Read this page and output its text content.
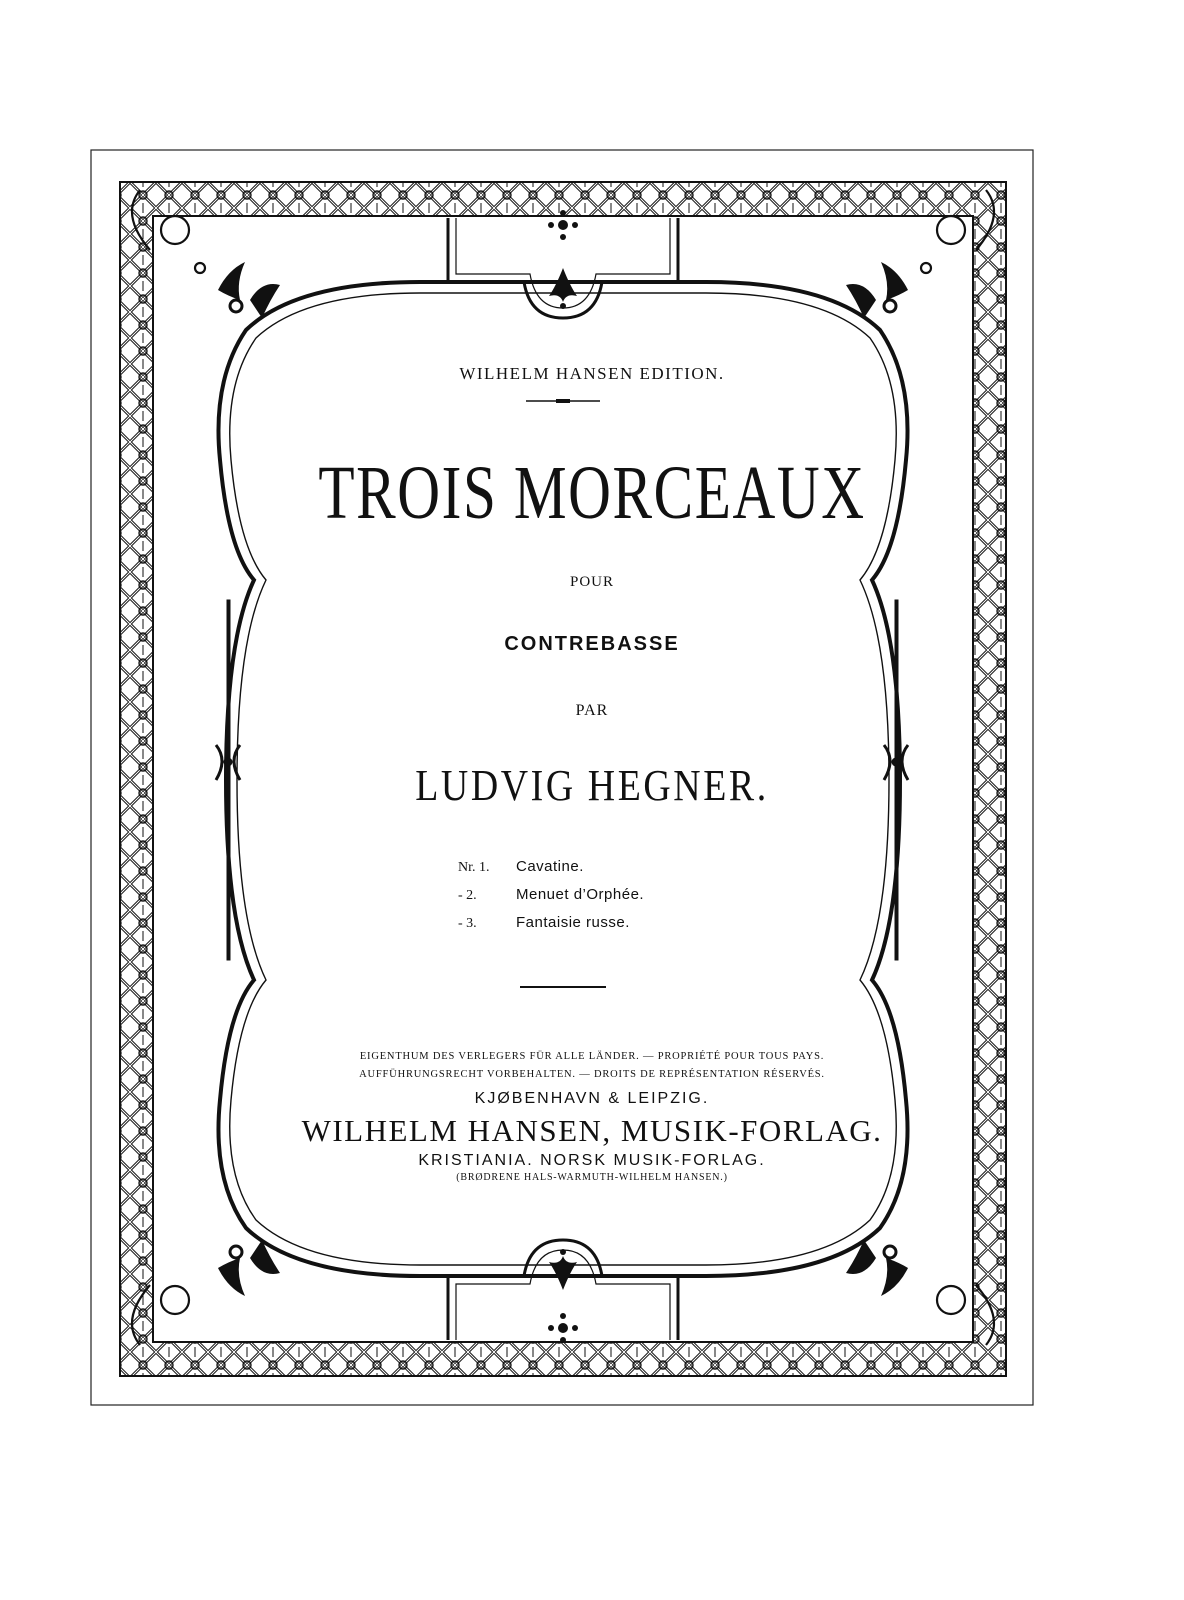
WILHELM HANSEN EDITION.
TROIS MORCEAUX
POUR
CONTREBASSE
PAR
LUDVIG HEGNER.
Nr. 1. Cavatine.
- 2.	Menuet d’Orphée.
- 3.	Fantaisie russe.
EIGENTHUM DES VERLEGERS FÜR ALLE LÄNDER. — PROPRIÉTÉ POUR TOUS PAYS.
AUFFÜHRUNGSRECHT VORBEHALTEN. — DROITS DE REPRÉSENTATION RÉSERVÉS.
KJØBENHAVN & LEIPZIG.
WILHELM HANSEN, MUSIK-FORLAG.
KRISTIANIA. NORSK MUSIK-FORLAG.
(BRØDRENE HALS-WARMUTH-WILHELM HANSEN.)
